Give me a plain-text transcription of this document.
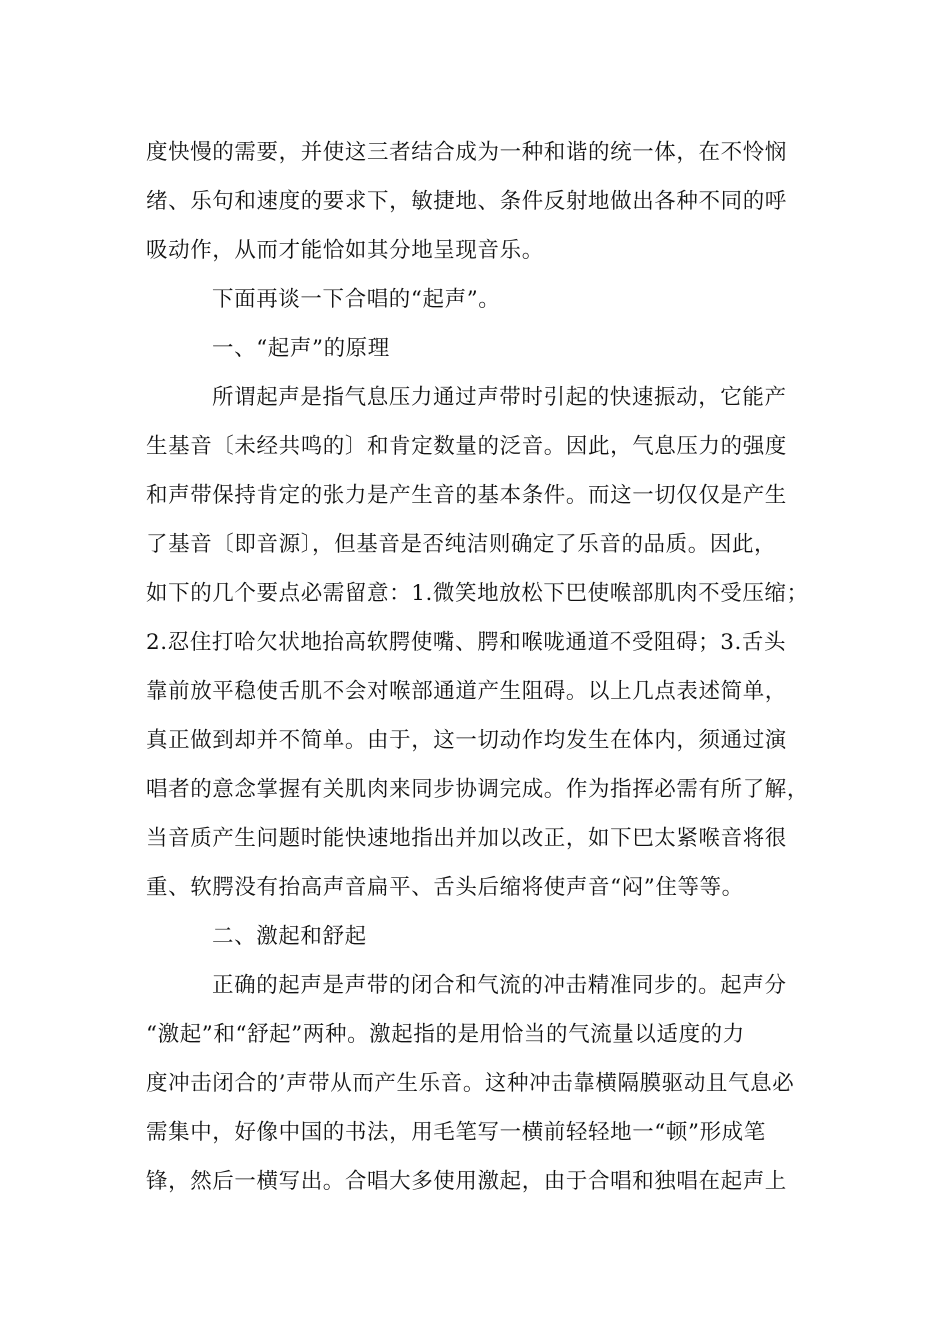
度快慢的需要，并使这三者结合成为一种和谐的统一体，在不怜悯
绪、乐句和速度的要求下，敏捷地、条件反射地做出各种不同的呼
吸动作，从而才能恰如其分地呈现音乐。
下面再谈一下合唱的“起声”。
一、“起声”的原理
所谓起声是指气息压力通过声带时引起的快速振动，它能产
生基音〔未经共鸣的〕和肯定数量的泛音。因此，气息压力的强度
和声带保持肯定的张力是产生音的基本条件。而这一切仅仅是产生
了基音〔即音源〕，但基音是否纯洁则确定了乐音的品质。因此，
如下的几个要点必需留意：1.微笑地放松下巴使喉部肌肉不受压缩；
2.忍住打哈欠状地抬高软腭使嘴、腭和喉咙通道不受阻碍；3.舌头
靠前放平稳使舌肌不会对喉部通道产生阻碍。以上几点表述简单，
真正做到却并不简单。由于，这一切动作均发生在体内，须通过演
唱者的意念掌握有关肌肉来同步协调完成。作为指挥必需有所了解，
当音质产生问题时能快速地指出并加以改正，如下巴太紧喉音将很
重、软腭没有抬高声音扁平、舌头后缩将使声音“闷”住等等。
二、激起和舒起
正确的起声是声带的闭合和气流的冲击精准同步的。起声分
“激起”和“舒起”两种。激起指的是用恰当的气流量以适度的力
度冲击闭合的’声带从而产生乐音。这种冲击靠横隔膜驱动且气息必
需集中，好像中国的书法，用毛笔写一横前轻轻地一“顿”形成笔
锋，然后一横写出。合唱大多使用激起，由于合唱和独唱在起声上
